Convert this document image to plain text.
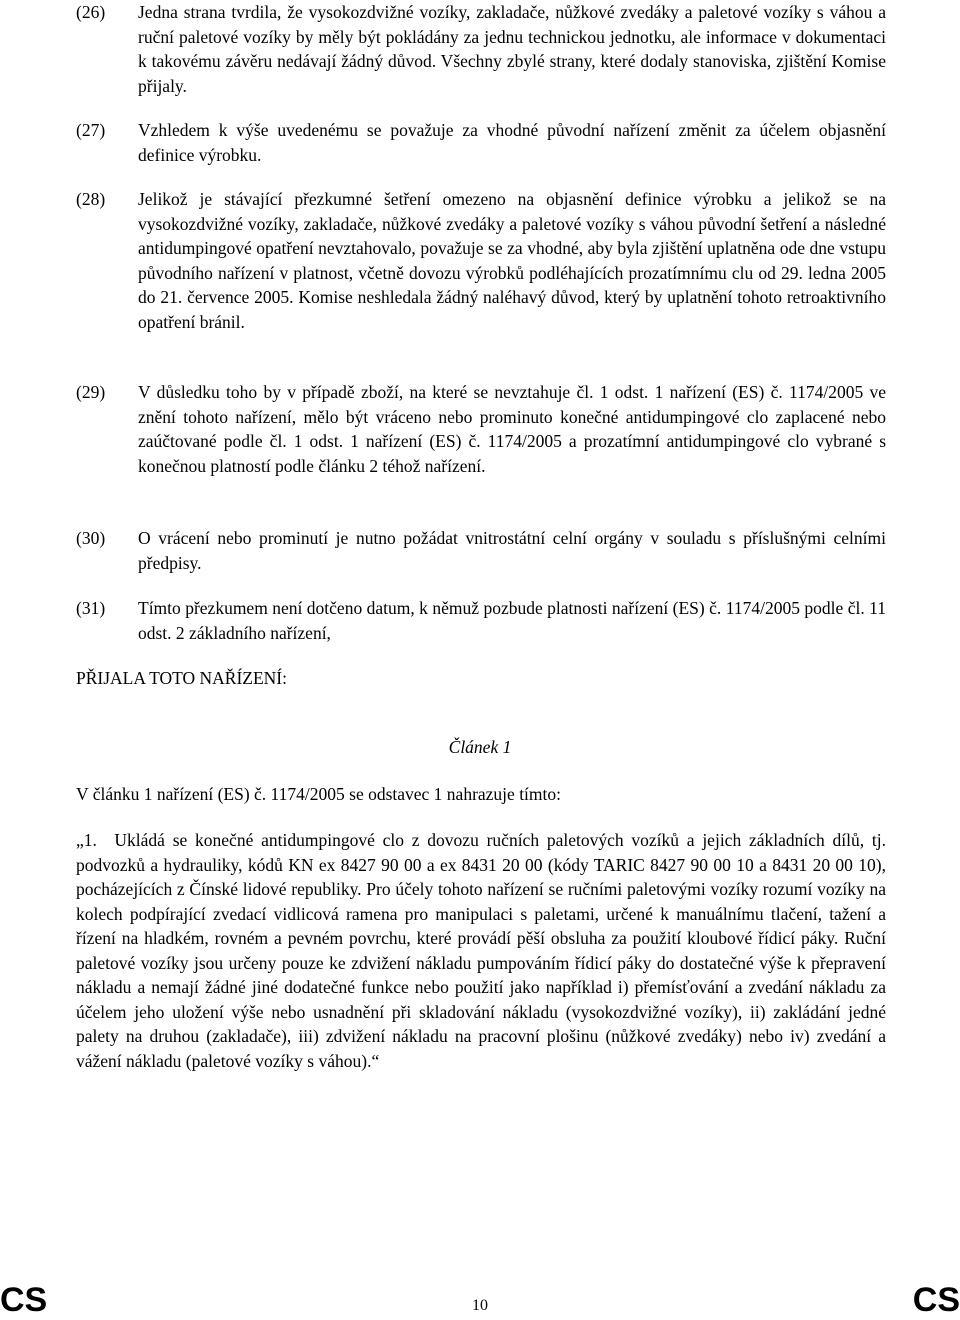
(26)	Jedna strana tvrdila, že vysokozdvižné vozíky, zakladače, nůžkové zvedáky a paletové vozíky s váhou a ruční paletové vozíky by měly být pokládány za jednu technickou jednotku, ale informace v dokumentaci k takovému závěru nedávají žádný důvod. Všechny zbylé strany, které dodaly stanoviska, zjištění Komise přijaly.
(27)	Vzhledem k výše uvedenému se považuje za vhodné původní nařízení změnit za účelem objasnění definice výrobku.
(28)	Jelikož je stávající přezkumné šetření omezeno na objasnění definice výrobku a jelikož se na vysokozdvižné vozíky, zakladače, nůžkové zvedáky a paletové vozíky s váhou původní šetření a následné antidumpingové opatření nevztahovalo, považuje se za vhodné, aby byla zjištění uplatněna ode dne vstupu původního nařízení v platnost, včetně dovozu výrobků podléhajících prozatímnímu clu od 29. ledna 2005 do 21. července 2005. Komise neshledala žádný naléhavý důvod, který by uplatnění tohoto retroaktivního opatření bránil.
(29)	V důsledku toho by v případě zboží, na které se nevztahuje čl. 1 odst. 1 nařízení (ES) č. 1174/2005 ve znění tohoto nařízení, mělo být vráceno nebo prominuto konečné antidumpingové clo zaplacené nebo zaúčtované podle čl. 1 odst. 1 nařízení (ES) č. 1174/2005 a prozatímní antidumpingové clo vybrané s konečnou platností podle článku 2 téhož nařízení.
(30)	O vrácení nebo prominutí je nutno požádat vnitrostátní celní orgány v souladu s příslušnými celními předpisy.
(31)	Tímto přezkumem není dotčeno datum, k němuž pozbude platnosti nařízení (ES) č. 1174/2005 podle čl. 11 odst. 2 základního nařízení,
PŘIJALA TOTO NAŘÍZENÍ:
Článek 1
V článku 1 nařízení (ES) č. 1174/2005 se odstavec 1 nahrazuje tímto:
„1. Ukládá se konečné antidumpingové clo z dovozu ručních paletových vozíků a jejich základních dílů, tj. podvozků a hydrauliky, kódů KN ex 8427 90 00 a ex 8431 20 00 (kódy TARIC 8427 90 00 10 a 8431 20 00 10), pocházejících z Čínské lidové republiky. Pro účely tohoto nařízení se ručními paletovými vozíky rozumí vozíky na kolech podpírající zvedací vidlicová ramena pro manipulaci s paletami, určené k manuálnímu tlačení, tažení a řízení na hladkém, rovném a pevném povrchu, které provádí pěší obsluha za použití kloubové řídicí páky. Ruční paletové vozíky jsou určeny pouze ke zdvižení nákladu pumpováním řídicí páky do dostatečné výše k přepravení nákladu a nemají žádné jiné dodatečné funkce nebo použití jako například i) přemísťování a zvedání nákladu za účelem jeho uložení výše nebo usnadnění při skladování nákladu (vysokozdvižné vozíky), ii) zakládání jedné palety na druhou (zakladače), iii) zdvižení nákladu na pracovní plošinu (nůžkové zvedáky) nebo iv) zvedání a vážení nákladu (paletové vozíky s váhou).“
CS	10	CS
